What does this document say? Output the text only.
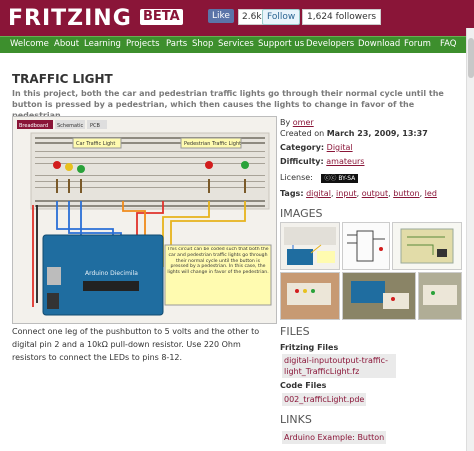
FRITZING BETA	Like	2.6k Follow	1,624 followers
Welcome About Learning Projects Parts Shop Services Support us Developers Download Forum FAQ
TRAFFIC LIGHT
In this project, both the car and pedestrian traffic lights go through their normal cycle until the button is pressed by a pedestrian, which then causes the lights to change in favor of the
Breadboard Schematic PCB
Car Traffic Light	Pedestrian Traffic Light
Arduino Diecimila
This circuit can be coded such that both the car and pedestrian traffic lights go through their normal cycle until the button is pressed by a pedestrian. In this case, the lights will change in favor of the pedestrian.
Connect one leg of the pushbutton to 5 volts and the other to digital pin 2 and a 10kΩ pull-down resistor. Use 220 Ohm resistors to connect the LEDs to pins 8-12.
By omer
Created on March 23, 2009, 13:37
Category: Digital
Difficulty: amateurs
License: ⓒⓒ BY-SA
Tags: digital, input, output, button, led
IMAGES
FILES
Fritzing Files
digital-inputoutput-traffic-light_TrafficLight.fz
Code Files
002_trafficLight.pde
LINKS
Arduino Example: Button
